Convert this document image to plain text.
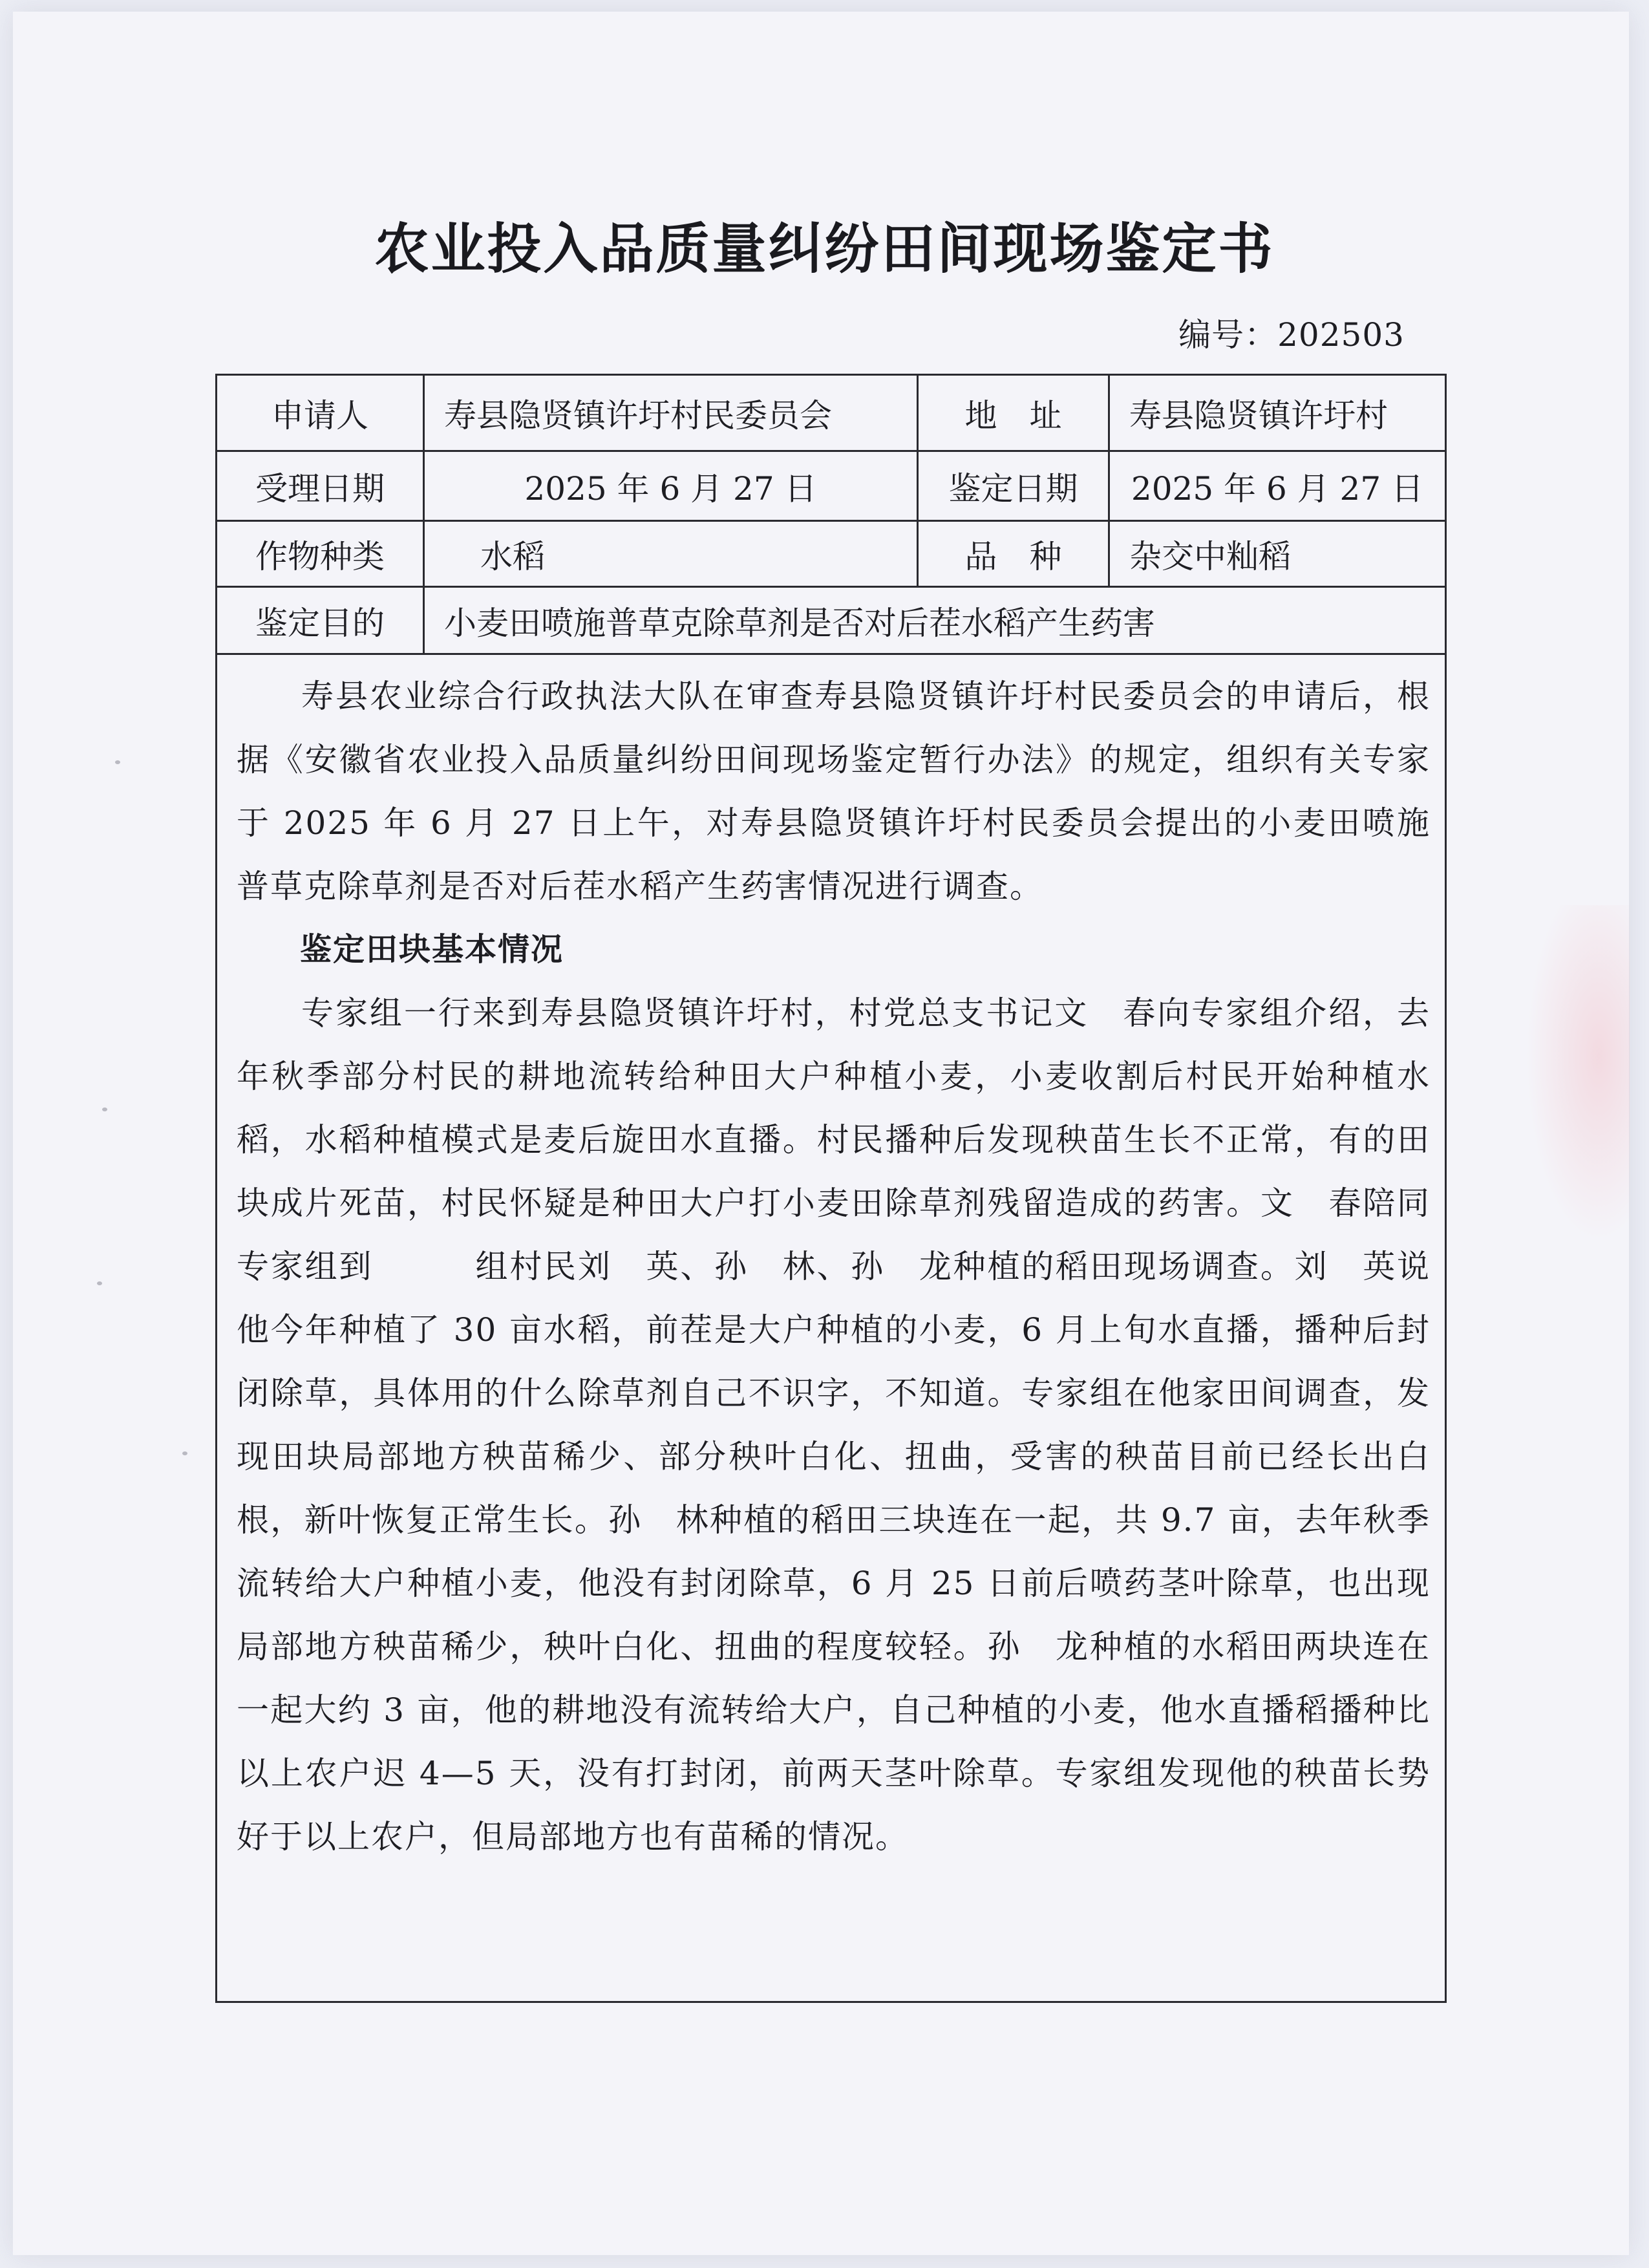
农业投入品质量纠纷田间现场鉴定书
编号：202503
申请人	寿县隐贤镇许圩村民委员会	地　址	寿县隐贤镇许圩村
受理日期	2025 年 6 月 27 日	鉴定日期	2025 年 6 月 27 日
作物种类	水稻	品　种	杂交中籼稻
鉴定目的	小麦田喷施普草克除草剂是否对后茬水稻产生药害

寿县农业综合行政执法大队在审查寿县隐贤镇许圩村民委员会的申请后，根据《安徽省农业投入品质量纠纷田间现场鉴定暂行办法》的规定，组织有关专家于 2025 年 6 月 27 日上午，对寿县隐贤镇许圩村民委员会提出的小麦田喷施普草克除草剂是否对后茬水稻产生药害情况进行调查。

鉴定田块基本情况

专家组一行来到寿县隐贤镇许圩村，村党总支书记文　春向专家组介绍，去年秋季部分村民的耕地流转给种田大户种植小麦，小麦收割后村民开始种植水稻，水稻种植模式是麦后旋田水直播。村民播种后发现秧苗生长不正常，有的田块成片死苗，村民怀疑是种田大户打小麦田除草剂残留造成的药害。文　春陪同专家组到　　　组村民刘　英、孙　林、孙　龙种植的稻田现场调查。刘　英说他今年种植了 30 亩水稻，前茬是大户种植的小麦，6 月上旬水直播，播种后封闭除草，具体用的什么除草剂自己不识字，不知道。专家组在他家田间调查，发现田块局部地方秧苗稀少、部分秧叶白化、扭曲，受害的秧苗目前已经长出白根，新叶恢复正常生长。孙　林种植的稻田三块连在一起，共 9.7 亩，去年秋季流转给大户种植小麦，他没有封闭除草，6 月 25 日前后喷药茎叶除草，也出现局部地方秧苗稀少，秧叶白化、扭曲的程度较轻。孙　龙种植的水稻田两块连在一起大约 3 亩，他的耕地没有流转给大户，自己种植的小麦，他水直播稻播种比以上农户迟 4—5 天，没有打封闭，前两天茎叶除草。专家组发现他的秧苗长势好于以上农户，但局部地方也有苗稀的情况。
